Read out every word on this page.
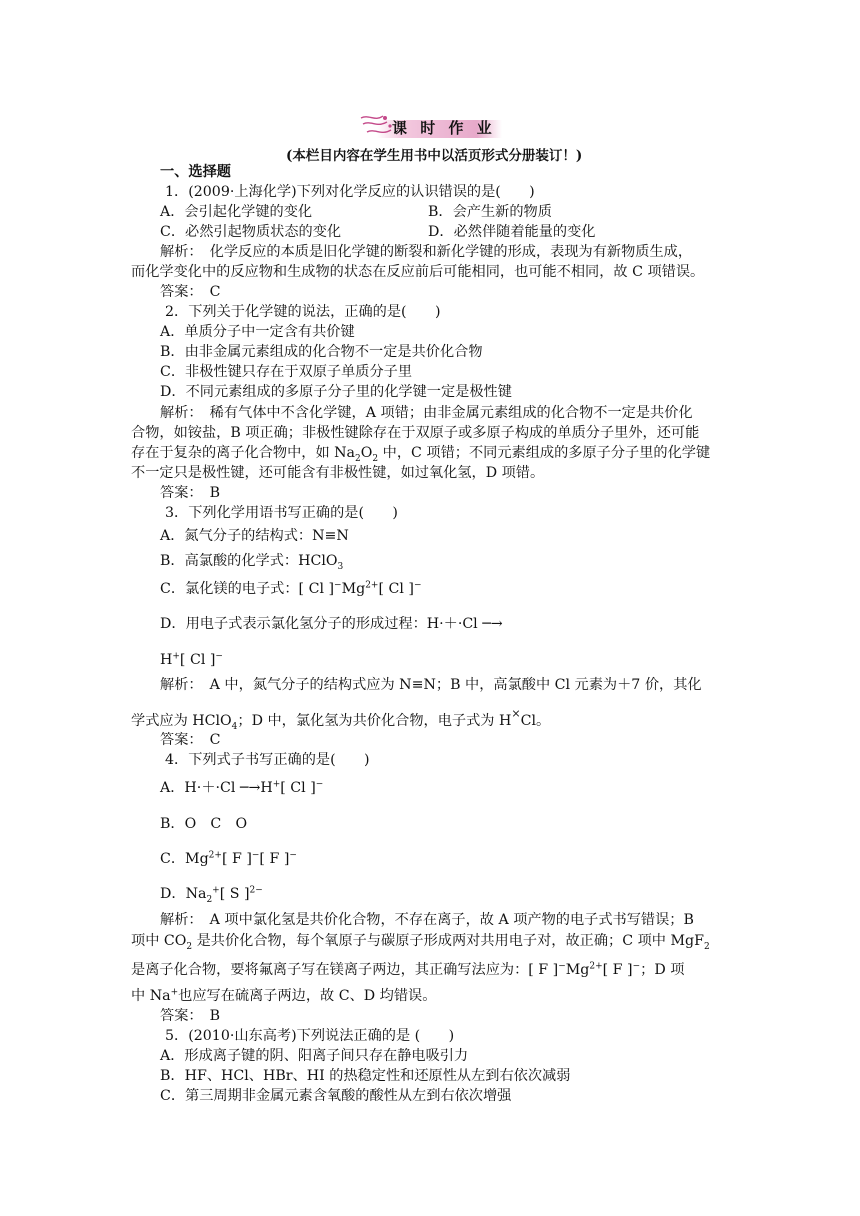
课 时 作 业
(本栏目内容在学生用书中以活页形式分册装订！)
一、选择题
1．(2009·上海化学)下列对化学反应的认识错误的是(　　)
A．会引起化学键的变化	B．会产生新的物质
C．必然引起物质状态的变化	D．必然伴随着能量的变化
解析：　化学反应的本质是旧化学键的断裂和新化学键的形成，表现为有新物质生成，
而化学变化中的反应物和生成物的状态在反应前后可能相同，也可能不相同，故 C 项错误。
答案：　C
2．下列关于化学键的说法，正确的是(　　)
A．单质分子中一定含有共价键
B．由非金属元素组成的化合物不一定是共价化合物
C．非极性键只存在于双原子单质分子里
D．不同元素组成的多原子分子里的化学键一定是极性键
解析：　稀有气体中不含化学键，A 项错；由非金属元素组成的化合物不一定是共价化
合物，如铵盐，B 项正确；非极性键除存在于双原子或多原子构成的单质分子里外，还可能
存在于复杂的离子化合物中，如 $Na_2O_2$ 中，C 项错；不同元素组成的多原子分子里的化学键
不一定只是极性键，还可能含有非极性键，如过氧化氢，D 项错。
答案：　B
3．下列化学用语书写正确的是(　　)
A．氮气分子的结构式：N≡N
B．高氯酸的化学式：HClO$_3$
C．氯化镁的电子式：[ Cl ]$^-Mg^{2+}$[ Cl ]−
D．用电子式表示氯化氢分子的形成过程：H·＋·Cl ─→
H+[ Cl ]−
解析：　A 中，氮气分子的结构式应为 N≡N；B 中，高氯酸中 Cl 元素为＋7 价，其化
学式应为 HClO$_4$；D 中，氯化氢为共价化合物，电子式为 H×Cl。
答案：　C
4．下列式子书写正确的是(　　)
A．H·＋·Cl ─→H+[ Cl ]−
B．O　C　O
C．$Mg^{2+}$[ F ]−[ F ]−
D．$Na_2^+$[ S ]$^{2-}$
解析：　A 项中氯化氢是共价化合物，不存在离子，故 A 项产物的电子式书写错误；B
项中 $CO_2$ 是共价化合物，每个氧原子与碳原子形成两对共用电子对，故正确；C 项中 MgF$_2$
是离子化合物，要将氟离子写在镁离子两边，其正确写法应为：[ F ]$^-Mg^{2+}$[ F ]−；D 项
中 Na+也应写在硫离子两边，故 C、D 均错误。
答案：　B
5．(2010·山东高考)下列说法正确的是 (　　)
A．形成离子键的阴、阳离子间只存在静电吸引力
B．HF、HCl、HBr、HI 的热稳定性和还原性从左到右依次减弱
C．第三周期非金属元素含氧酸的酸性从左到右依次增强
